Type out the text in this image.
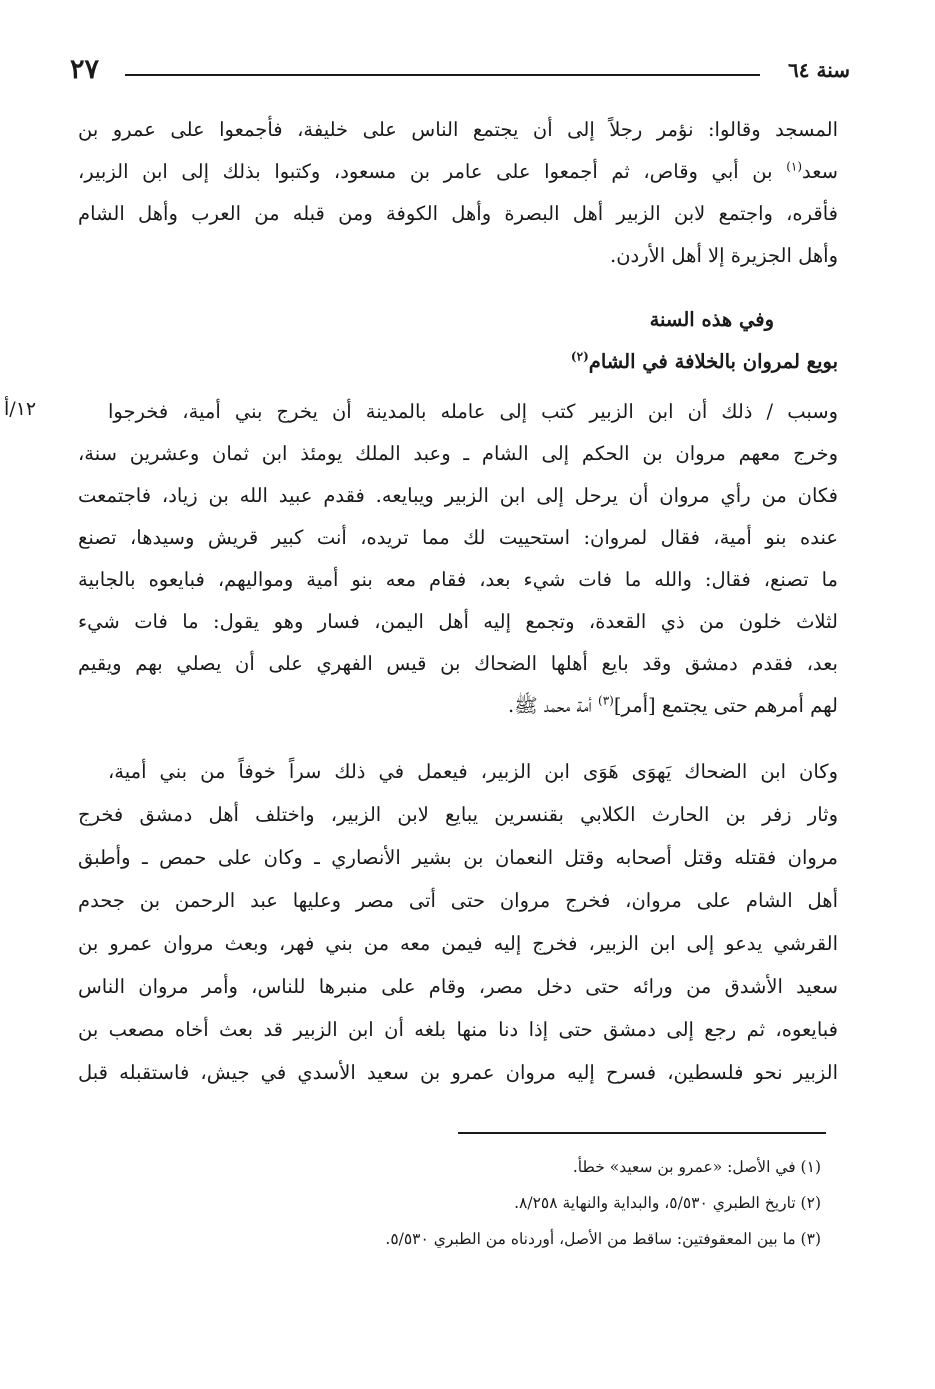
٢٧	سنة ٦٤
المسجد وقالوا: نؤمر رجلاً إلى أن يجتمع الناس على خليفة، فأجمعوا على عمرو بن
سعد$^{(١)}$ بن أبي وقاص، ثم أجمعوا على عامر بن مسعود، وكتبوا بذلك إلى ابن الزبير،
فأقره، واجتمع لابن الزبير أهل البصرة وأهل الكوفة ومن قبله من العرب وأهل الشام
وأهل الجزيرة إلا أهل الأردن.
وفي هذه السنة
بويع لمروان بالخلافة في الشام$^{(٢)}$
١٢/أ	وسبب / ذلك أن ابن الزبير كتب إلى عامله بالمدينة أن يخرج بني أمية، فخرجوا
وخرج معهم مروان بن الحكم إلى الشام ـ وعبد الملك يومئذ ابن ثمان وعشرين سنة،
فكان من رأي مروان أن يرحل إلى ابن الزبير ويبايعه. فقدم عبيد الله بن زياد، فاجتمعت
عنده بنو أمية، فقال لمروان: استحييت لك مما تريده، أنت كبير قريش وسيدها، تصنع
ما تصنع، فقال: والله ما فات شيء بعد، فقام معه بنو أمية ومواليهم، فبايعوه بالجابية
لثلاث خلون من ذي القعدة، وتجمع إليه أهل اليمن، فسار وهو يقول: ما فات شيء
بعد، فقدم دمشق وقد بايع أهلها الضحاك بن قيس الفهري على أن يصلي بهم ويقيم
لهم أمرهم حتى يجتمع [أمر]$^{(٣)}$ أمة محمد ﷺ.
وكان ابن الضحاك يَهوَى هَوَى ابن الزبير، فيعمل في ذلك سراً خوفاً من بني أمية،
وثار زفر بن الحارث الكلابي بقنسرين يبايع لابن الزبير، واختلف أهل دمشق فخرج
مروان فقتله وقتل أصحابه وقتل النعمان بن بشير الأنصاري ـ وكان على حمص ـ وأطبق
أهل الشام على مروان، فخرج مروان حتى أتى مصر وعليها عبد الرحمن بن جحدم
القرشي يدعو إلى ابن الزبير، فخرج إليه فيمن معه من بني فهر، وبعث مروان عمرو بن
سعيد الأشدق من ورائه حتى دخل مصر، وقام على منبرها للناس، وأمر مروان الناس
فبايعوه، ثم رجع إلى دمشق حتى إذا دنا منها بلغه أن ابن الزبير قد بعث أخاه مصعب بن
الزبير نحو فلسطين، فسرح إليه مروان عمرو بن سعيد الأسدي في جيش، فاستقبله قبل
(١) في الأصل: «عمرو بن سعيد» خطأ.
(٢) تاريخ الطبري ٥/٥٣٠، والبداية والنهاية ٨/٢٥٨.
(٣) ما بين المعقوفتين: ساقط من الأصل، أوردناه من الطبري ٥/٥٣٠.
